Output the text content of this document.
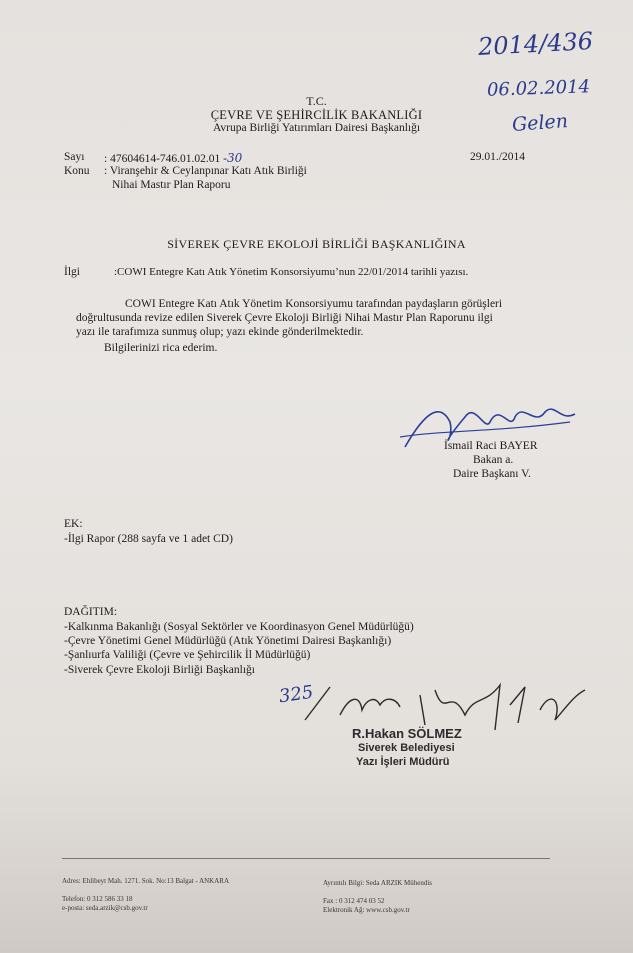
2014/436
06.02.2014
Gelen
T.C.
ÇEVRE VE ŞEHİRCİLİK BAKANLIĞI
Avrupa Birliği Yatırımları Dairesi Başkanlığı
Sayı : 47604614-746.01.02.01 -30	29.01./2014
Konu : Viranşehir & Ceylanpınar Katı Atık Birliği
Nihai Mastır Plan Raporu
SİVEREK ÇEVRE EKOLOJİ BİRLİĞİ BAŞKANLIĞINA
İlgi	:COWI Entegre Katı Atık Yönetim Konsorsiyumu’nun 22/01/2014 tarihli yazısı.
COWI Entegre Katı Atık Yönetim Konsorsiyumu tarafından paydaşların görüşleri
doğrultusunda revize edilen Siverek Çevre Ekoloji Birliği Nihai Mastır Plan Raporunu ilgi
yazı ile tarafımıza sunmuş olup; yazı ekinde gönderilmektedir.
Bilgilerinizi rica ederim.
İsmail Raci BAYER
Bakan a.
Daire Başkanı V.
EK:
-İlgi Rapor (288 sayfa ve 1 adet CD)
DAĞITIM:
-Kalkınma Bakanlığı (Sosyal Sektörler ve Koordinasyon Genel Müdürlüğü)
-Çevre Yönetimi Genel Müdürlüğü (Atık Yönetimi Dairesi Başkanlığı)
-Şanlıurfa Valiliği (Çevre ve Şehircilik İl Müdürlüğü)
-Siverek Çevre Ekoloji Birliği Başkanlığı
325
R.Hakan SÖLMEZ
Siverek Belediyesi
Yazı İşleri Müdürü
Adres: Ehlibeyt Mah. 1271. Sok. No:13 Balgat - ANKARA
Telefon: 0 312 586 33 18
e-posta: seda.arzik@csb.gov.tr
Ayrıntılı Bilgi: Seda ARZIK Mühendis
Fax : 0 312 474 03 52
Elektronik Ağ: www.csb.gov.tr
